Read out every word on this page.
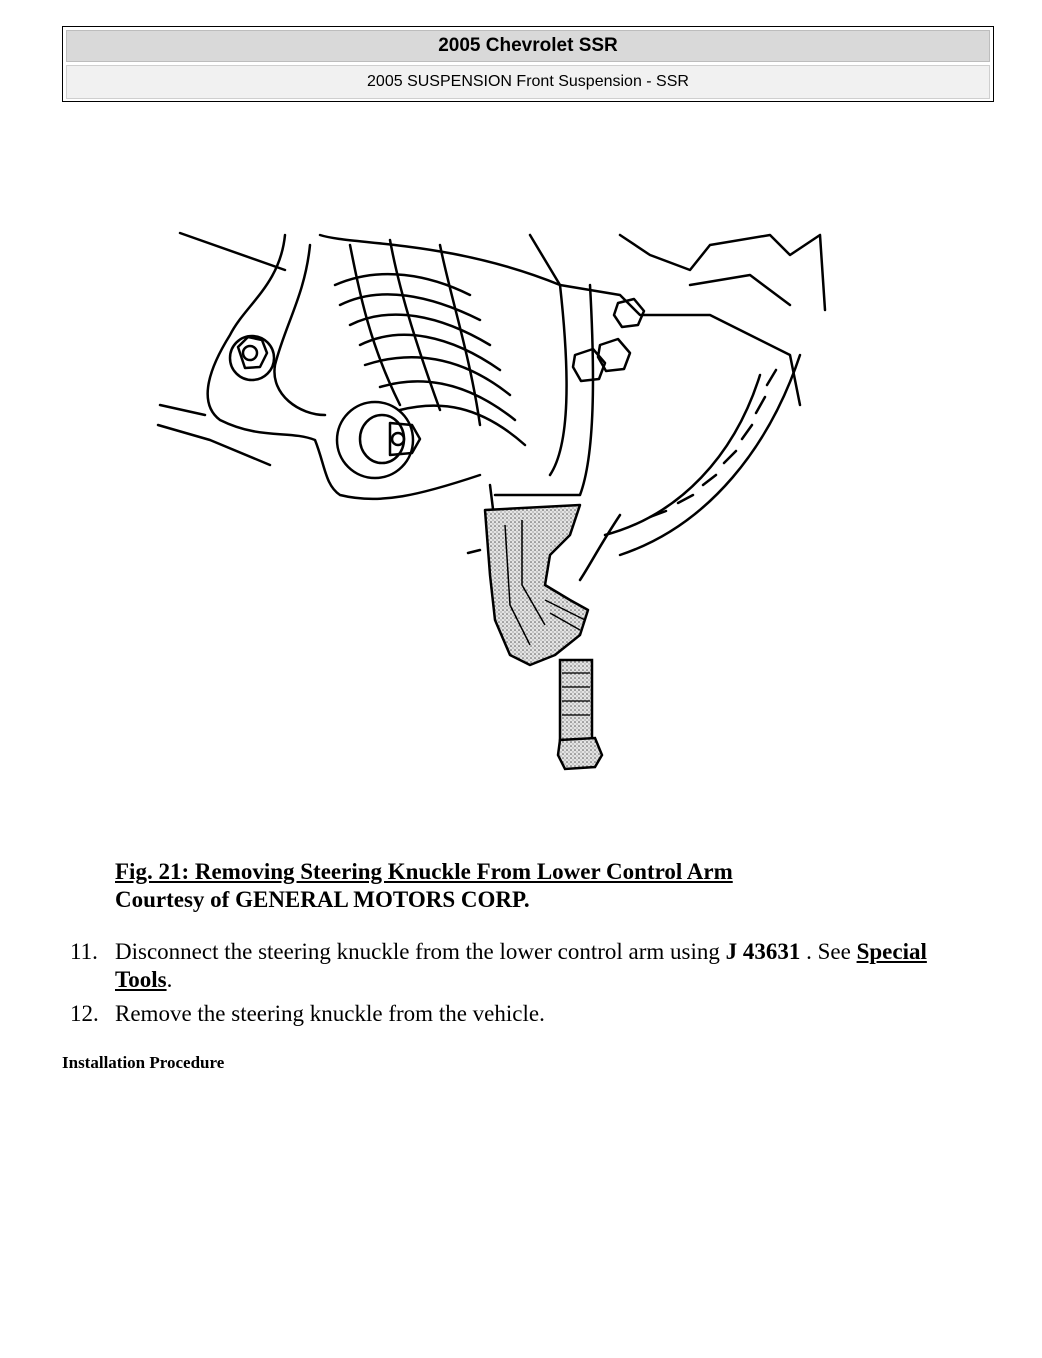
2005 Chevrolet SSR
2005 SUSPENSION Front Suspension - SSR
Fig. 21: Removing Steering Knuckle From Lower Control Arm
Courtesy of GENERAL MOTORS CORP.
11. Disconnect the steering knuckle from the lower control arm using J 43631 . See Special Tools.
12. Remove the steering knuckle from the vehicle.
Installation Procedure
